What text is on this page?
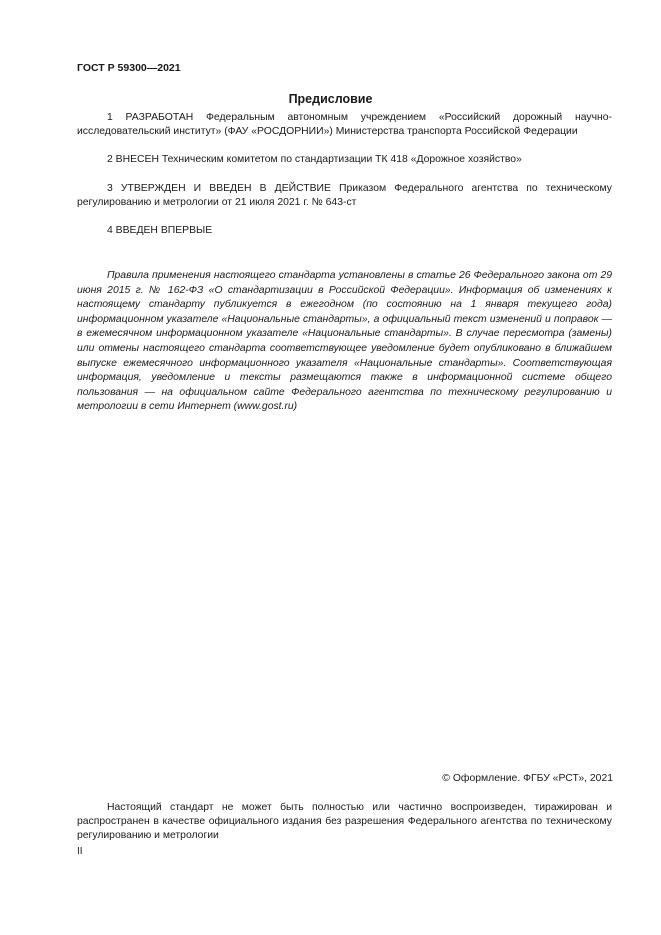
ГОСТ Р 59300—2021
Предисловие

1 РАЗРАБОТАН Федеральным автономным учреждением «Российский дорожный научно-исследовательский институт» (ФАУ «РОСДОРНИИ») Министерства транспорта Российской Федерации

2 ВНЕСЕН Техническим комитетом по стандартизации ТК 418 «Дорожное хозяйство»

3 УТВЕРЖДЕН И ВВЕДЕН В ДЕЙСТВИЕ Приказом Федерального агентства по техническому регулированию и метрологии от 21 июля 2021 г. № 643-ст

4 ВВЕДЕН ВПЕРВЫЕ

Правила применения настоящего стандарта установлены в статье 26 Федерального закона от 29 июня 2015 г. № 162-ФЗ «О стандартизации в Российской Федерации». Информация об изменениях к настоящему стандарту публикуется в ежегодном (по состоянию на 1 января текущего года) информационном указателе «Национальные стандарты», а официальный текст изменений и поправок — в ежемесячном информационном указателе «Национальные стандарты». В случае пересмотра (замены) или отмены настоящего стандарта соответствующее уведомление будет опубликовано в ближайшем выпуске ежемесячного информационного указателя «Национальные стандарты». Соответствующая информация, уведомление и тексты размещаются также в информационной системе общего пользования — на официальном сайте Федерального агентства по техническому регулированию и метрологии в сети Интернет (www.gost.ru)

© Оформление. ФГБУ «РСТ», 2021

Настоящий стандарт не может быть полностью или частично воспроизведен, тиражирован и распространен в качестве официального издания без разрешения Федерального агентства по техническому регулированию и метрологии

II
